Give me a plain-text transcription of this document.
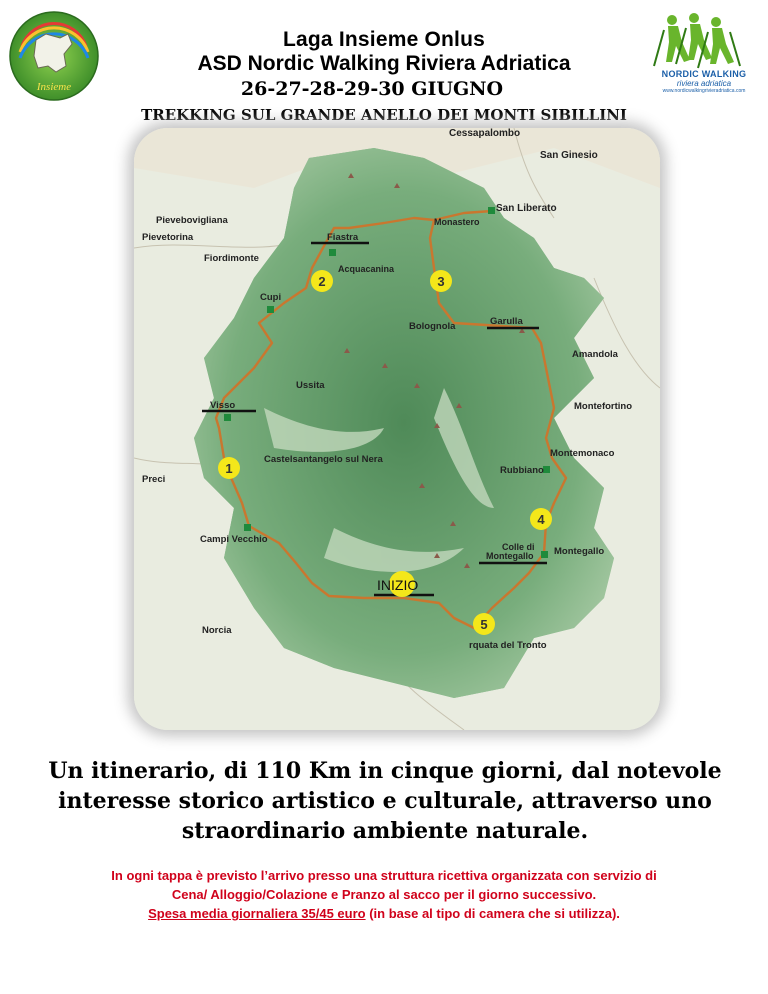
Insieme
NORDIC WALKING
riviera adriatica
www.nordicwalkingrivieradriatica.com
Laga Insieme Onlus
ASD Nordic Walking Riviera Adriatica
26-27-28-29-30 GIUGNO
TREKKING SUL GRANDE ANELLO DEI MONTI SIBILLINI
Cessapalombo
San Ginesio
San Liberato
Monastero
Pievebovigliana
Pievetorina	Fiastra
Acquacanina
Fiordimonte
Cupi
Bolognola	Garulla
Amandola
Ussita
Visso	Montefortino
Castelsantangelo sul Nera
Montemonaco
Rubbiano
Preci
Campi Vecchio
Colle di
Montegallo Montegallo
Norcia
rquata del Tronto
INIZIO
1
2	3
4
5
Un itinerario, di 110 Km in cinque giorni, dal notevole interesse storico artistico e culturale, attraverso uno straordinario ambiente naturale.
In ogni tappa è previsto l’arrivo presso una struttura ricettiva organizzata con servizio di
Cena/ Alloggio/Colazione e Pranzo al sacco per il giorno successivo.
Spesa media giornaliera 35/45 euro (in base al tipo di camera che si utilizza).
